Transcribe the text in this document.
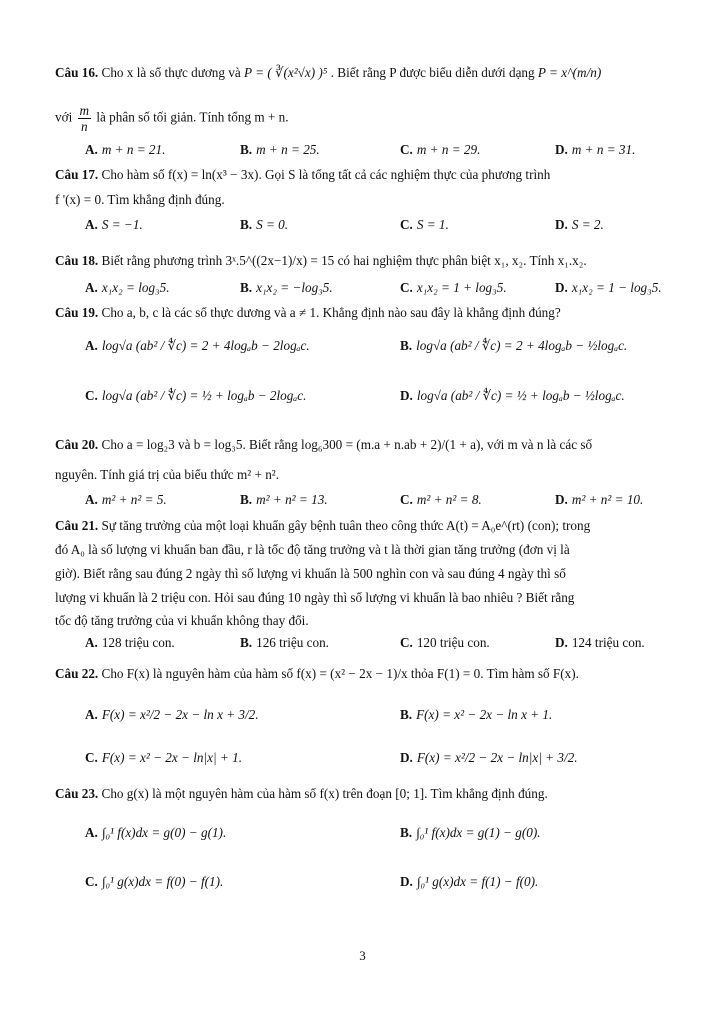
Câu 16. Cho x là số thực dương và P = ( ∛(x²√x) )⁵ . Biết rằng P được biểu diễn dưới dạng P = x^(m/n)
với $\frac{m}{n}$ là phân số tối giản. Tính tổng m + n.
A. m + n = 21.	B. m + n = 25.	C. m + n = 29.	D. m + n = 31.
Câu 17. Cho hàm số f(x) = ln(x³ − 3x). Gọi S là tổng tất cả các nghiệm thực của phương trình
f '(x) = 0. Tìm khẳng định đúng.
A. S = −1.	B. S = 0.	C. S = 1.	D. S = 2.
Câu 18. Biết rằng phương trình 3ˣ.5^((2x−1)/x) = 15 có hai nghiệm thực phân biệt x₁, x₂. Tính x₁.x₂.
A. x₁x₂ = log₃5.	B. x₁x₂ = −log₃5.	C. x₁x₂ = 1 + log₃5.	D. x₁x₂ = 1 − log₃5.
Câu 19. Cho a, b, c là các số thực dương và a ≠ 1. Khẳng định nào sau đây là khẳng định đúng?
A. log√a (ab² / ∜c) = 2 + 4logₐb − 2logₐc.	B. log√a (ab² / ∜c) = 2 + 4logₐb − ½logₐc.
C. log√a (ab² / ∜c) = ½ + logₐb − 2logₐc.	D. log√a (ab² / ∜c) = ½ + logₐb − ½logₐc.
Câu 20. Cho a = log₂3 và b = log₃5. Biết rằng log₆300 = (m.a + n.ab + 2)/(1 + a), với m và n là các số
nguyên. Tính giá trị của biểu thức m² + n².
A. m² + n² = 5.	B. m² + n² = 13.	C. m² + n² = 8.	D. m² + n² = 10.
Câu 21. Sự tăng trưởng của một loại khuẩn gây bệnh tuân theo công thức A(t) = A₀e^(rt) (con); trong
đó A₀ là số lượng vi khuẩn ban đầu, r là tốc độ tăng trưởng và t là thời gian tăng trưởng (đơn vị là
giờ). Biết rằng sau đúng 2 ngày thì số lượng vi khuẩn là 500 nghìn con và sau đúng 4 ngày thì số
lượng vi khuẩn là 2 triệu con. Hỏi sau đúng 10 ngày thì số lượng vi khuẩn là bao nhiêu ? Biết rằng
tốc độ tăng trưởng của vi khuẩn không thay đổi.
A. 128 triệu con.	B. 126 triệu con.	C. 120 triệu con.	D. 124 triệu con.
Câu 22. Cho F(x) là nguyên hàm của hàm số f(x) = (x² − 2x − 1)/x thỏa F(1) = 0. Tìm hàm số F(x).
A. F(x) = x²/2 − 2x − ln x + 3/2.	B. F(x) = x² − 2x − ln x + 1.
C. F(x) = x² − 2x − ln|x| + 1.	D. F(x) = x²/2 − 2x − ln|x| + 3/2.
Câu 23. Cho g(x) là một nguyên hàm của hàm số f(x) trên đoạn [0; 1]. Tìm khẳng định đúng.
A. ∫₀¹ f(x)dx = g(0) − g(1).	B. ∫₀¹ f(x)dx = g(1) − g(0).
C. ∫₀¹ g(x)dx = f(0) − f(1).	D. ∫₀¹ g(x)dx = f(1) − f(0).
3
